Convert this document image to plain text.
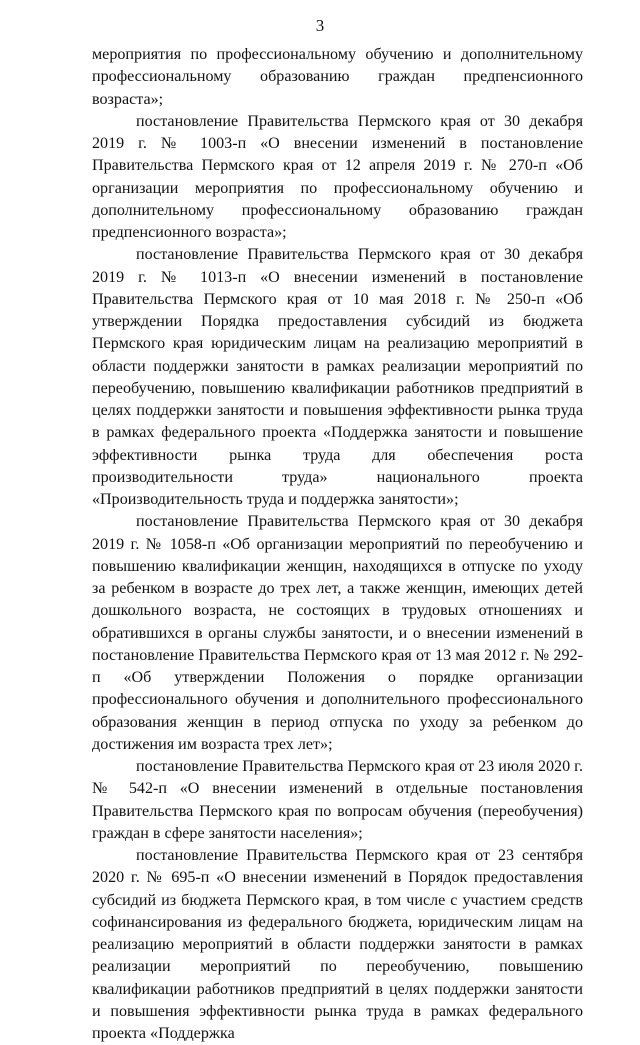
3

мероприятия по профессиональному обучению и дополнительному профессиональному образованию граждан предпенсионного возраста»;

постановление Правительства Пермского края от 30 декабря 2019 г. № 1003-п «О внесении изменений в постановление Правительства Пермского края от 12 апреля 2019 г. № 270-п «Об организации мероприятия по профессиональному обучению и дополнительному профессиональному образованию граждан предпенсионного возраста»;

постановление Правительства Пермского края от 30 декабря 2019 г. № 1013-п «О внесении изменений в постановление Правительства Пермского края от 10 мая 2018 г. № 250-п «Об утверждении Порядка предоставления субсидий из бюджета Пермского края юридическим лицам на реализацию мероприятий в области поддержки занятости в рамках реализации мероприятий по переобучению, повышению квалификации работников предприятий в целях поддержки занятости и повышения эффективности рынка труда в рамках федерального проекта «Поддержка занятости и повышение эффективности рынка труда для обеспечения роста производительности труда» национального проекта «Производительность труда и поддержка занятости»;

постановление Правительства Пермского края от 30 декабря 2019 г. № 1058-п «Об организации мероприятий по переобучению и повышению квалификации женщин, находящихся в отпуске по уходу за ребенком в возрасте до трех лет, а также женщин, имеющих детей дошкольного возраста, не состоящих в трудовых отношениях и обратившихся в органы службы занятости, и о внесении изменений в постановление Правительства Пермского края от 13 мая 2012 г. № 292-п «Об утверждении Положения о порядке организации профессионального обучения и дополнительного профессионального образования женщин в период отпуска по уходу за ребенком до достижения им возраста трех лет»;

постановление Правительства Пермского края от 23 июля 2020 г. № 542-п «О внесении изменений в отдельные постановления Правительства Пермского края по вопросам обучения (переобучения) граждан в сфере занятости населения»;

постановление Правительства Пермского края от 23 сентября 2020 г. № 695-п «О внесении изменений в Порядок предоставления субсидий из бюджета Пермского края, в том числе с участием средств софинансирования из федерального бюджета, юридическим лицам на реализацию мероприятий в области поддержки занятости в рамках реализации мероприятий по переобучению, повышению квалификации работников предприятий в целях поддержки занятости и повышения эффективности рынка труда в рамках федерального проекта «Поддержка
